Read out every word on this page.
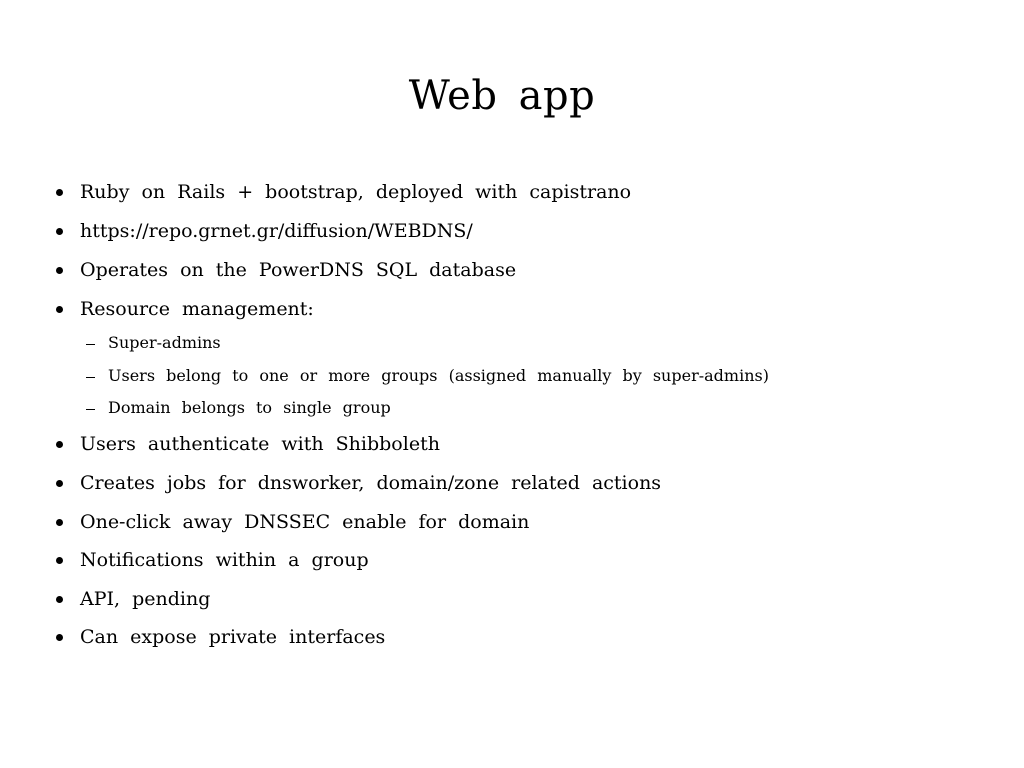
Web app
Ruby on Rails + bootstrap, deployed with capistrano
https://repo.grnet.gr/diffusion/WEBDNS/
Operates on the PowerDNS SQL database
Resource management:
Super-admins
Users belong to one or more groups (assigned manually by super-admins)
Domain belongs to single group
Users authenticate with Shibboleth
Creates jobs for dnsworker, domain/zone related actions
One-click away DNSSEC enable for domain
Notifications within a group
API, pending
Can expose private interfaces
